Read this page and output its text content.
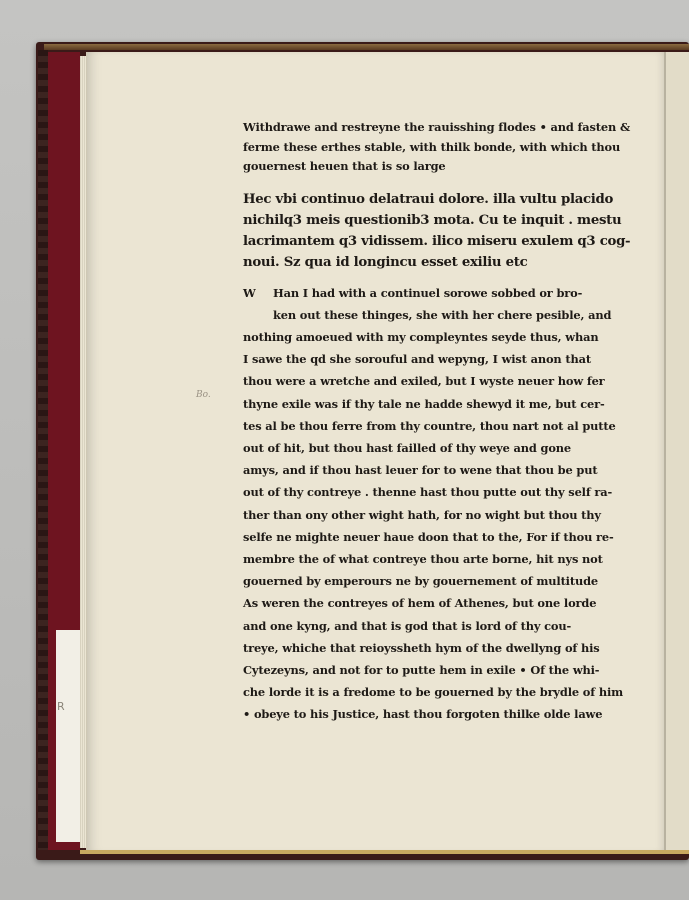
R
Bo.
Withdrawe and restreyne the rauisshing flodes • and fasten &
ferme these erthes stable, with thilk bonde, with which thou
gouernest heuen that is so large
Hec vbi continuo delatraui dolore. illa vultu placido
nichilq3 meis questionib3 mota. Cu te inquit . mestu
lacrimantem q3 vidissem. ilico miseru exulem q3 cog-
noui. Sz qua id longincu esset exiliu etc
W	Han I had with a continuel sorowe sobbed or bro-
ken out these thinges, she with her chere pesible, and
nothing amoeued with my compleyntes seyde thus, whan
I sawe the qd she sorouful and wepyng, I wist anon that
thou were a wretche and exiled, but I wyste neuer how fer
thyne exile was if thy tale ne hadde shewyd it me, but cer-
tes al be thou ferre from thy countre, thou nart not al putte
out of hit, but thou hast failled of thy weye and gone
amys, and if thou hast leuer for to wene that thou be put
out of thy contreye . thenne hast thou putte out thy self ra-
ther than ony other wight hath, for no wight but thou thy
selfe ne mighte neuer haue doon that to the, For if thou re-
membre the of what contreye thou arte borne, hit nys not
gouerned by emperours ne by gouernement of multitude
As weren the contreyes of hem of Athenes, but one lorde
and one kyng, and that is god that is lord of thy cou-
treye, whiche that reioyssheth hym of the dwellyng of his
Cytezeyns, and not for to putte hem in exile • Of the whi-
che lorde it is a fredome to be gouerned by the brydle of him
• obeye to his Justice, hast thou forgoten thilke olde lawe
